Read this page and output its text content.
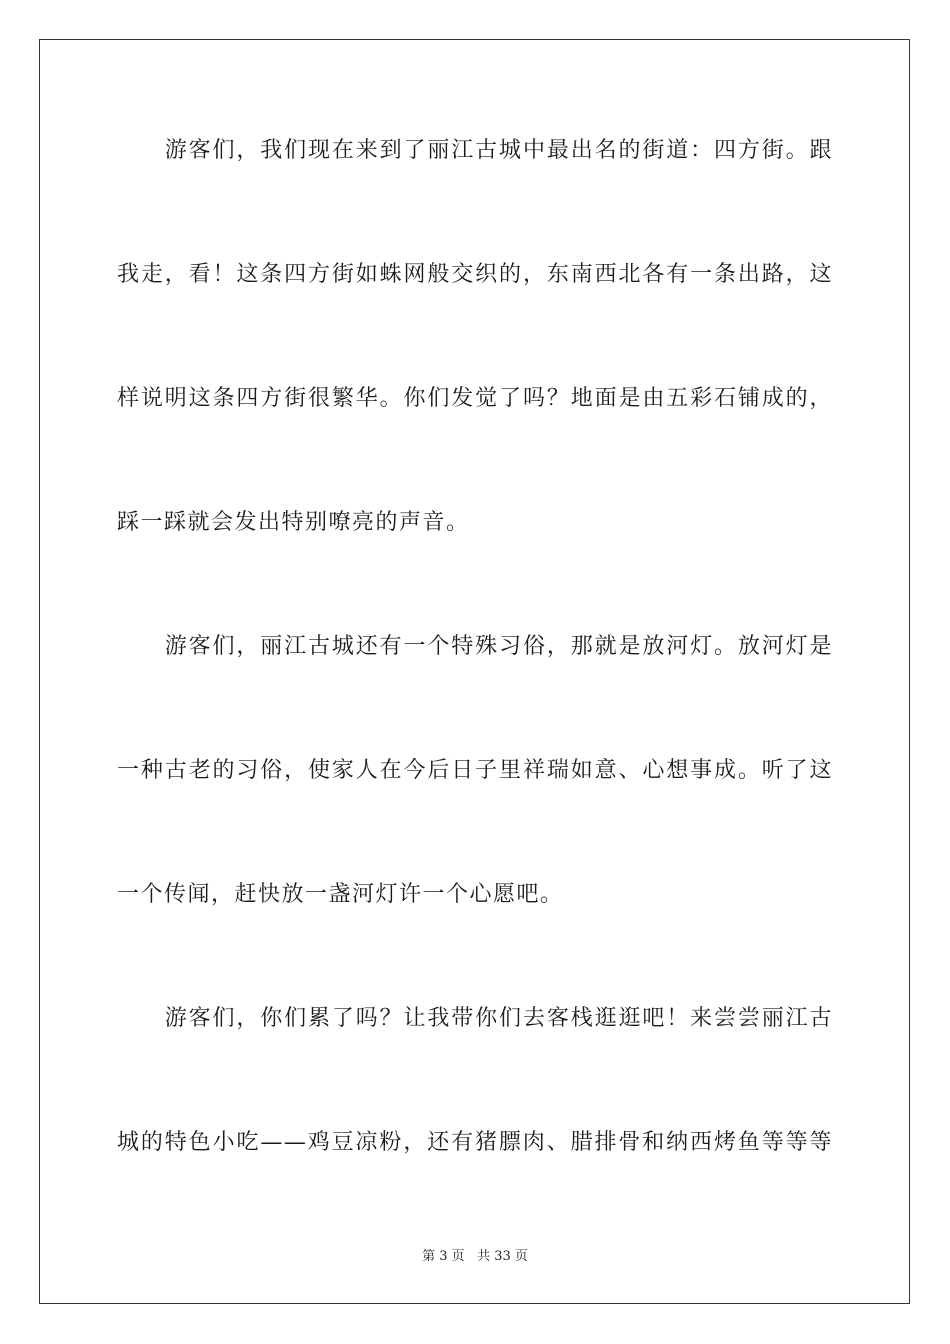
　　游客们，我们现在来到了丽江古城中最出名的街道：四方街。跟
我走，看！这条四方街如蛛网般交织的，东南西北各有一条出路，这
样说明这条四方街很繁华。你们发觉了吗？地面是由五彩石铺成的，
踩一踩就会发出特别嘹亮的声音。
　　游客们，丽江古城还有一个特殊习俗，那就是放河灯。放河灯是
一种古老的习俗，使家人在今后日子里祥瑞如意、心想事成。听了这
一个传闻，赶快放一盏河灯许一个心愿吧。
　　游客们，你们累了吗？让我带你们去客栈逛逛吧！来尝尝丽江古
城的特色小吃——鸡豆凉粉，还有猪膘肉、腊排骨和纳西烤鱼等等等
第 3 页 共 33 页
